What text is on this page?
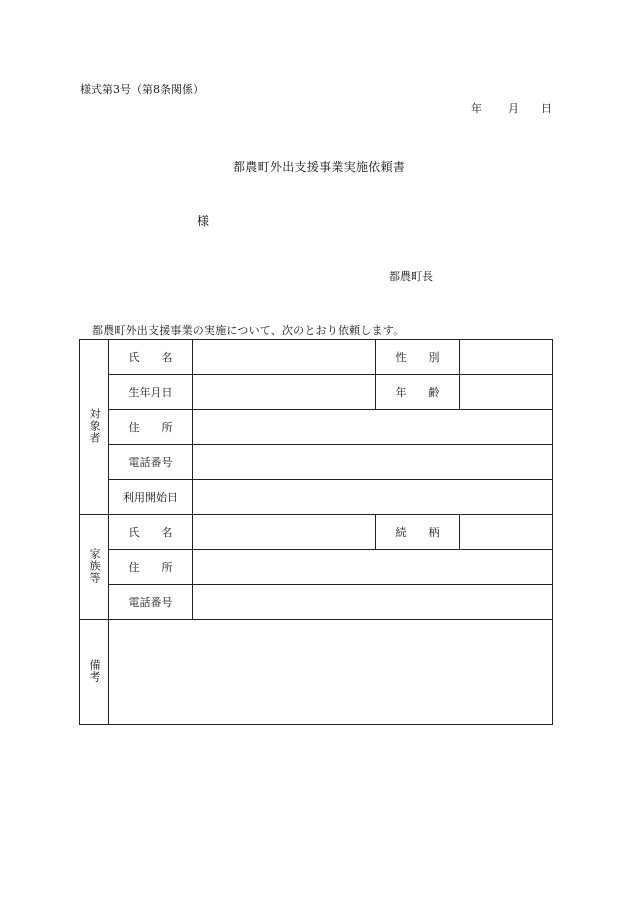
様式第3号（第8条関係）
年 月 日
都農町外出支援事業実施依頼書
様
都農町長
都農町外出支援事業の実施について、次のとおり依頼します。
対象者	氏　　名		性　　別	
	生年月日		年　　齢	
	住　　所			
	電話番号			
	利用開始日			
家族等	氏　　名		続　　柄	
	住　　所			
	電話番号			
備考				
